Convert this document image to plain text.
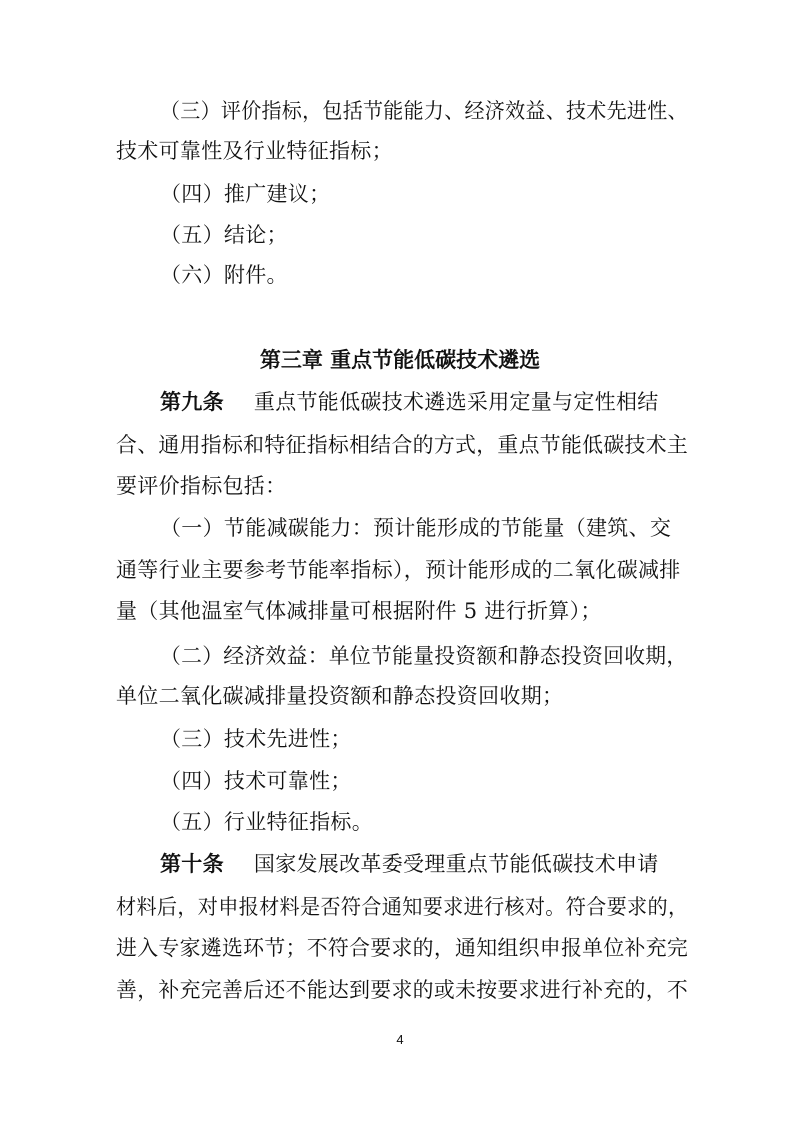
（三）评价指标，包括节能能力、经济效益、技术先进性、
技术可靠性及行业特征指标；
（四）推广建议；
（五）结论；
（六）附件。
第三章 重点节能低碳技术遴选
第九条 重点节能低碳技术遴选采用定量与定性相结
合、通用指标和特征指标相结合的方式，重点节能低碳技术主
要评价指标包括：
（一）节能减碳能力：预计能形成的节能量（建筑、交
通等行业主要参考节能率指标），预计能形成的二氧化碳减排
量（其他温室气体减排量可根据附件 5 进行折算）；
（二）经济效益：单位节能量投资额和静态投资回收期，
单位二氧化碳减排量投资额和静态投资回收期；
（三）技术先进性；
（四）技术可靠性；
（五）行业特征指标。
第十条 国家发展改革委受理重点节能低碳技术申请
材料后，对申报材料是否符合通知要求进行核对。符合要求的，
进入专家遴选环节；不符合要求的，通知组织申报单位补充完
善，补充完善后还不能达到要求的或未按要求进行补充的，不
4
